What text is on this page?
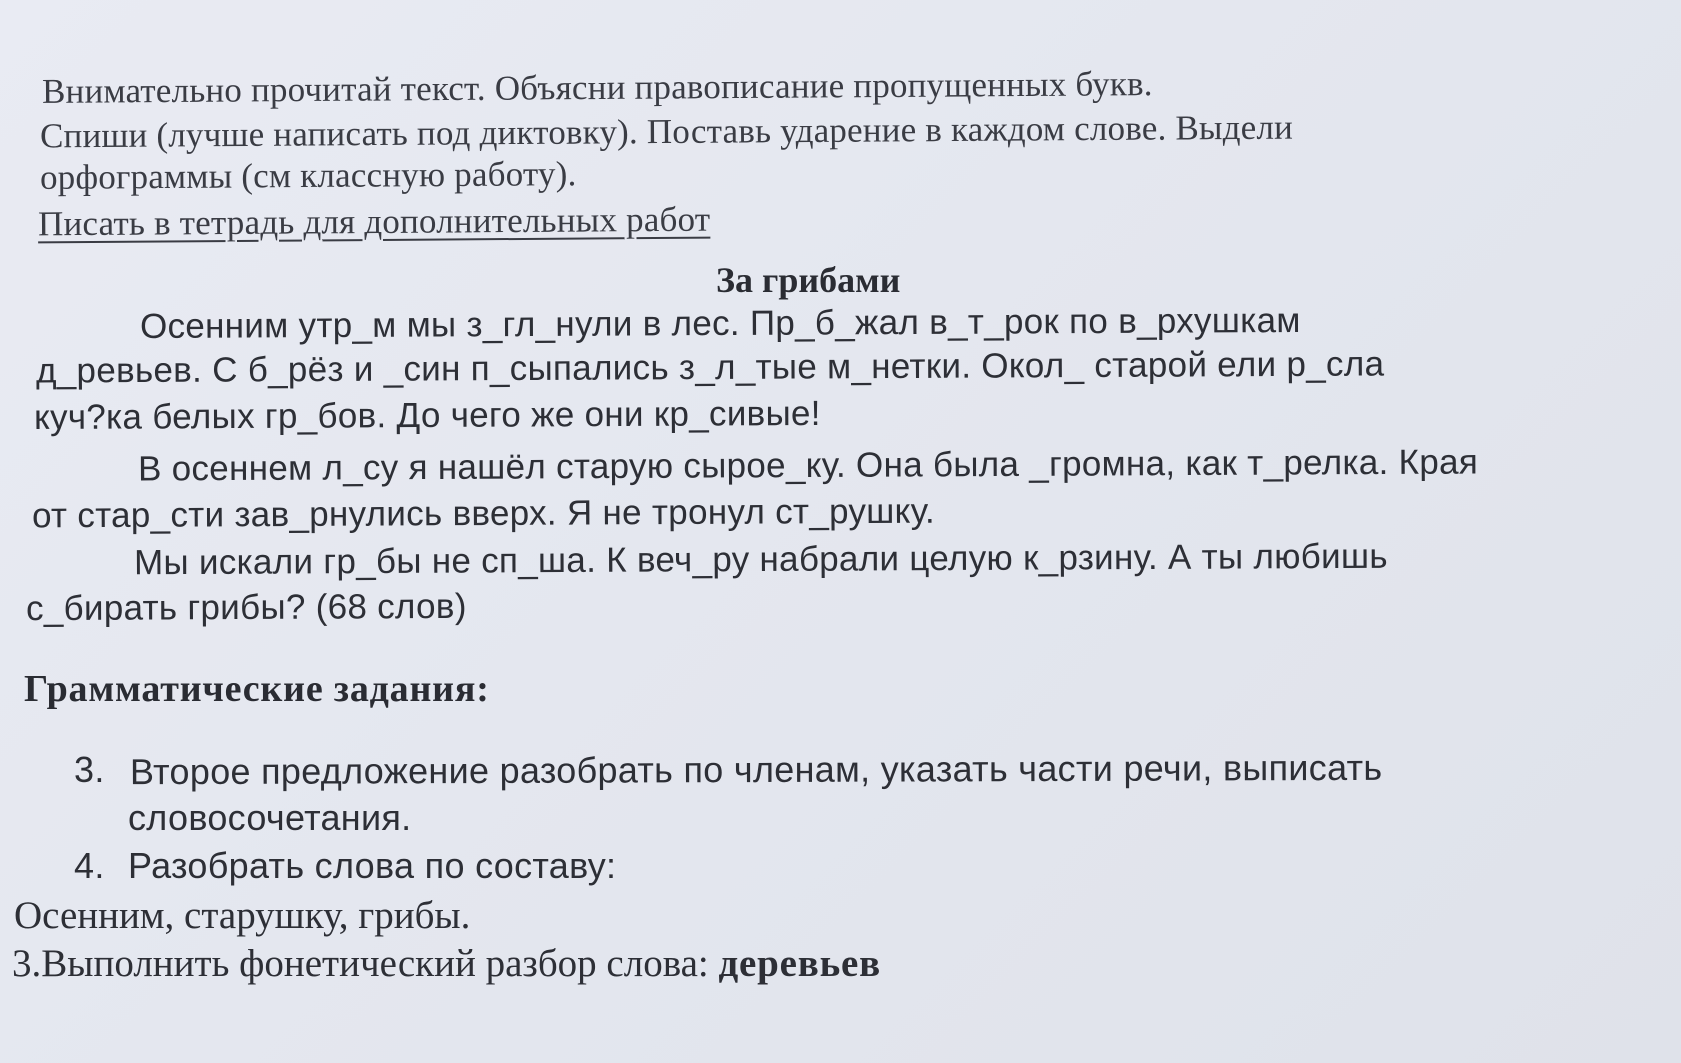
Внимательно прочитай текст. Объясни правописание пропущенных букв.
Спиши (лучше написать под диктовку). Поставь ударение в каждом слове. Выдели
орфограммы (см классную работу).
Писать в тетрадь для дополнительных работ
За грибами
Осенним утр_м мы з_гл_нули в лес. Пр_б_жал в_т_рок по в_рхушкам
д_ревьев. С б_рёз и _син п_сыпались з_л_тые м_нетки. Окол_ старой ели р_сла
куч?ка белых гр_бов. До чего же они кр_сивые!
В осеннем л_су я нашёл старую сырое_ку. Она была _громна, как т_релка. Края
от стар_сти зав_рнулись вверх. Я не тронул ст_рушку.
Мы искали гр_бы не сп_ша. К веч_ру набрали целую к_рзину. А ты любишь
с_бирать грибы? (68 слов)
Грамматические задания:
3. Второе предложение разобрать по членам, указать части речи, выписать
словосочетания.
4. Разобрать слова по составу:
Осенним, старушку, грибы.
3.Выполнить фонетический разбор слова: деревьев
